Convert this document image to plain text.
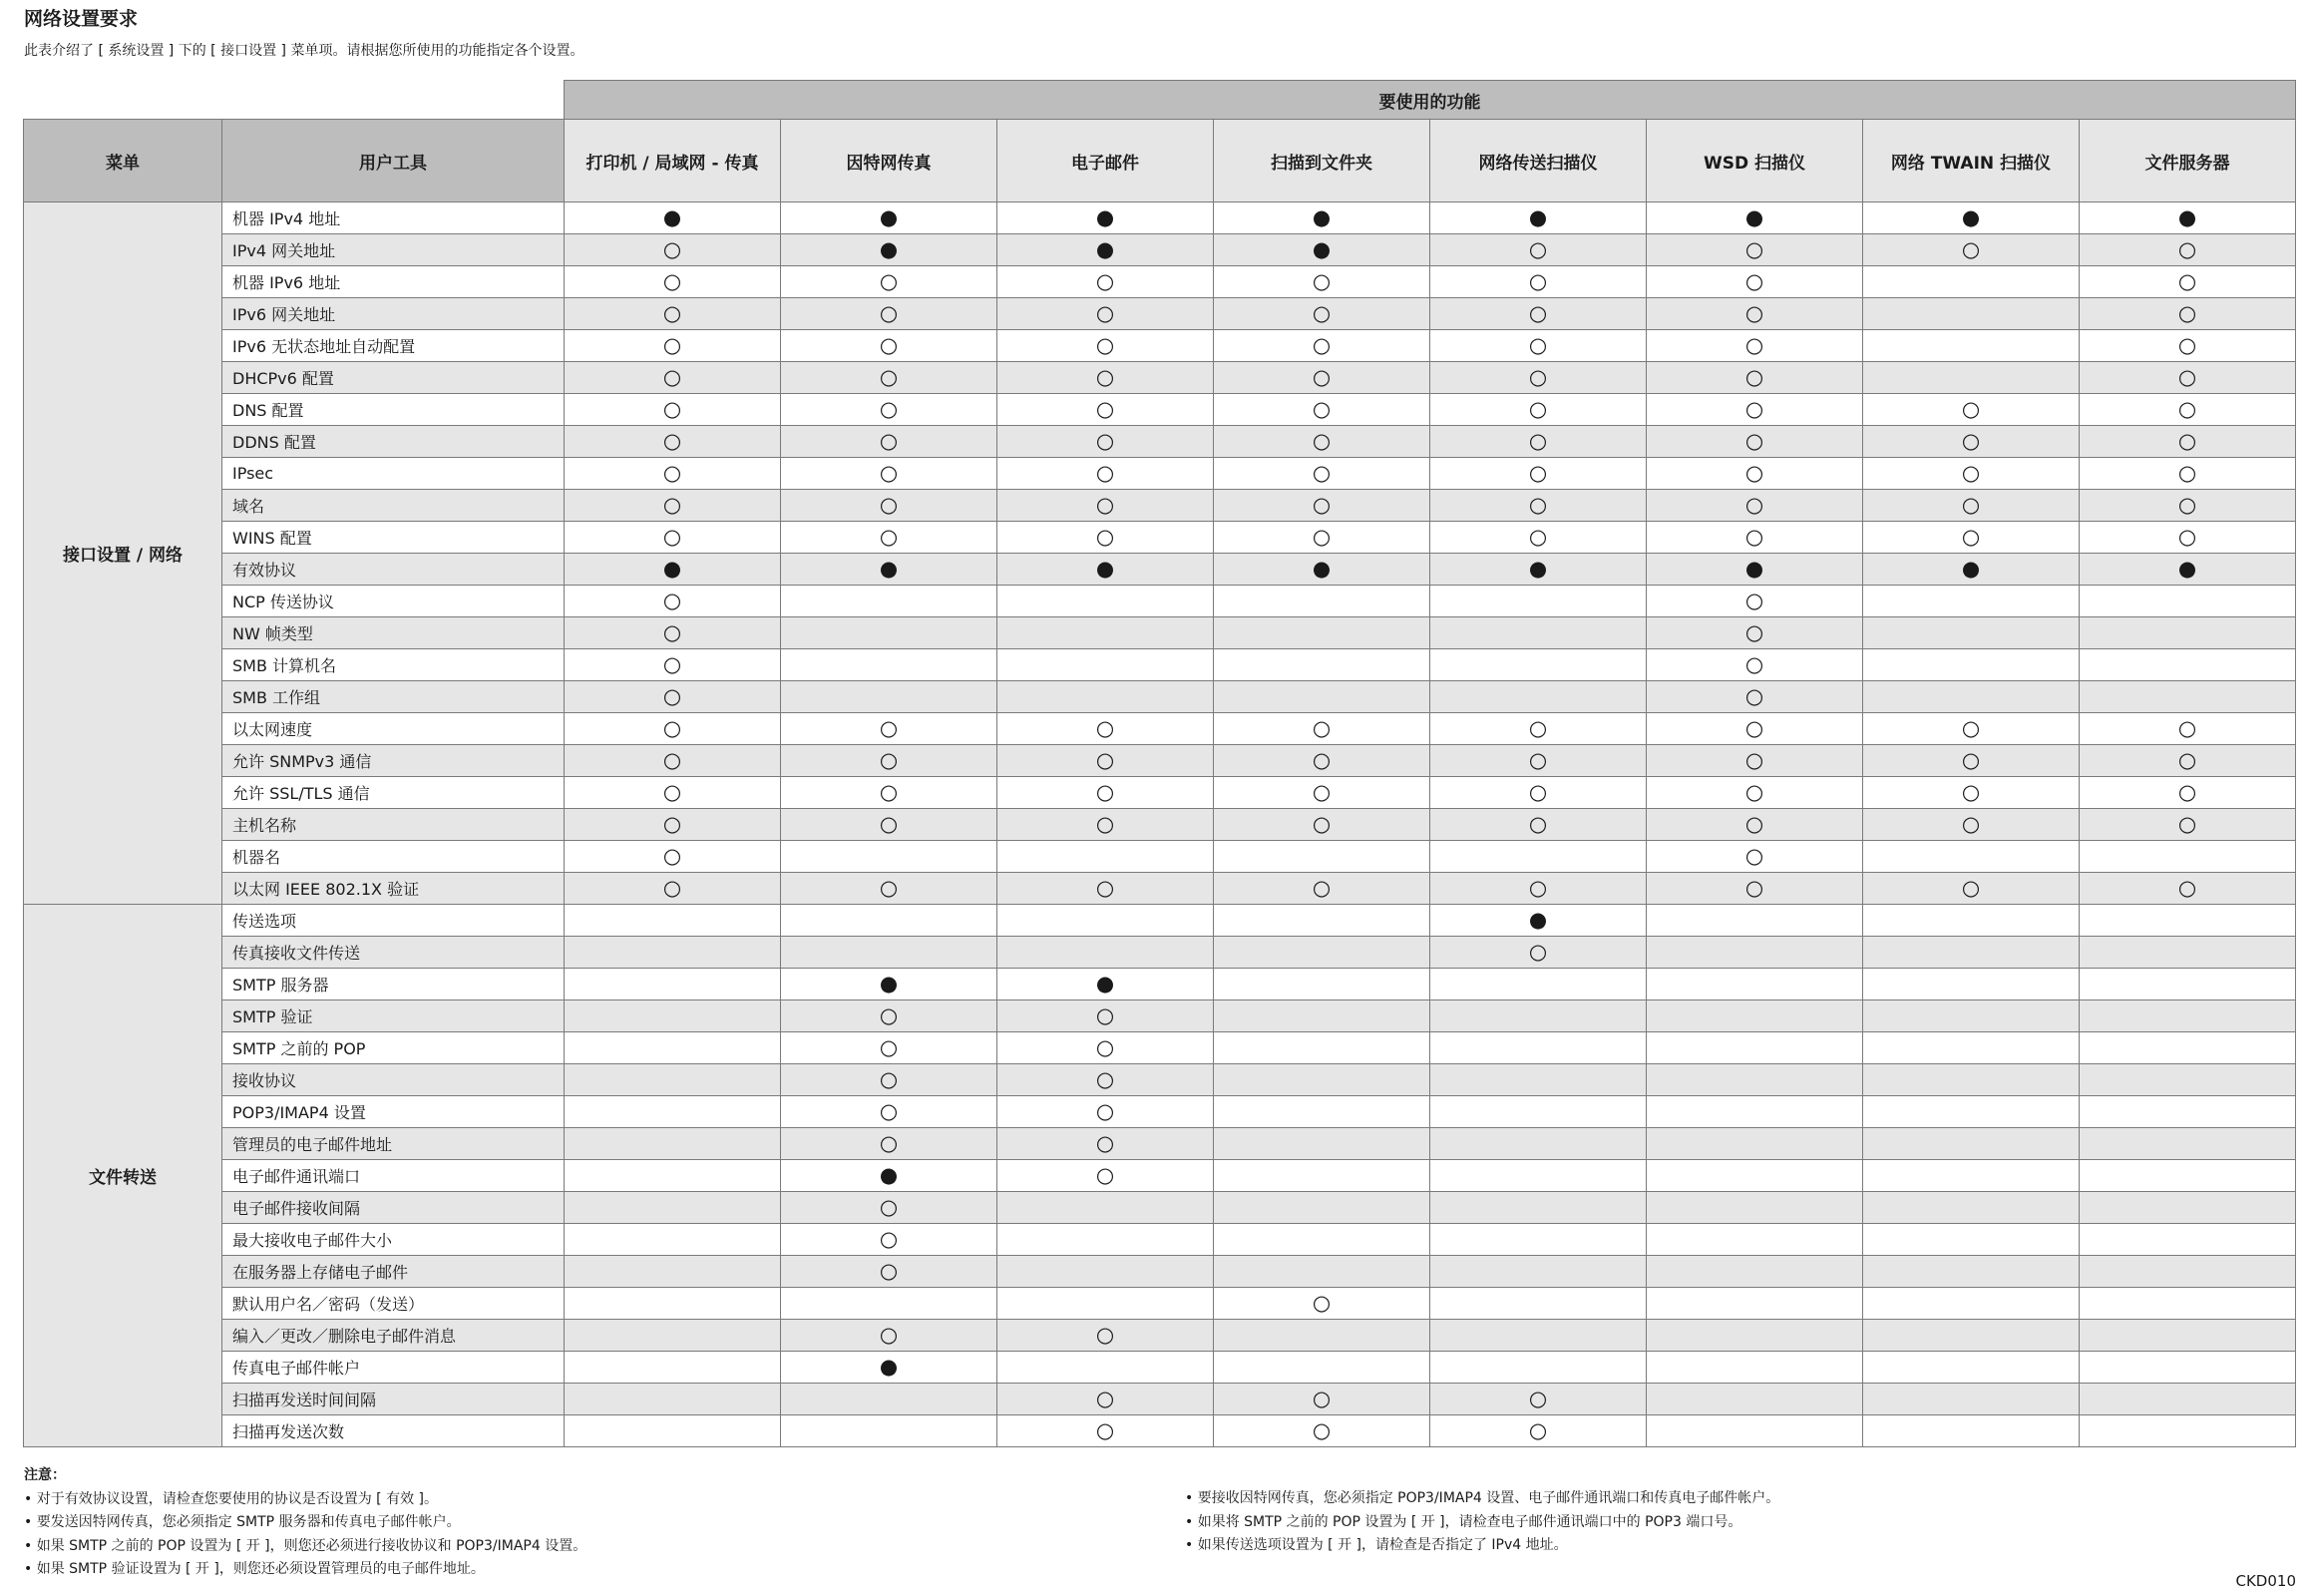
网络设置要求
此表介绍了 [ 系统设置 ] 下的 [ 接口设置 ] 菜单项。请根据您所使用的功能指定各个设置。
		要使用的功能							
		打印机 / 局域网 - 传真	因特网传真	电子邮件	扫描到文件夹	网络传送扫描仪	WSD 扫描仪	网络 TWAIN 扫描仪	文件服务器
菜单	用户工具								
接口设置 / 网络	机器 IPv4 地址	●	●	●	●	●	●	●	●
	IPv4 网关地址	○	●	●	●	○	○	○	○
	机器 IPv6 地址	○	○	○	○	○	○		○
	IPv6 网关地址	○	○	○	○	○	○		○
	IPv6 无状态地址自动配置	○	○	○	○	○	○		○
	DHCPv6 配置	○	○	○	○	○	○		○
	DNS 配置	○	○	○	○	○	○	○	○
	DDNS 配置	○	○	○	○	○	○	○	○
	IPsec	○	○	○	○	○	○	○	○
	域名	○	○	○	○	○	○	○	○
	WINS 配置	○	○	○	○	○	○	○	○
	有效协议	●	●	●	●	●	●	●	●
	NCP 传送协议	○					○		
	NW 帧类型	○					○		
	SMB 计算机名	○					○		
	SMB 工作组	○					○		
	以太网速度	○	○	○	○	○	○	○	○
	允许 SNMPv3 通信	○	○	○	○	○	○	○	○
	允许 SSL/TLS 通信	○	○	○	○	○	○	○	○
	主机名称	○	○	○	○	○	○	○	○
	机器名	○					○		
	以太网 IEEE 802.1X 验证	○	○	○	○	○	○	○	○
文件转送	传送选项					●			
	传真接收文件传送					○			
	SMTP 服务器		●	●					
	SMTP 验证		○	○					
	SMTP 之前的 POP		○	○					
	接收协议		○	○					
	POP3/IMAP4 设置		○	○					
	管理员的电子邮件地址		○	○					
	电子邮件通讯端口		●	○					
	电子邮件接收间隔		○						
	最大接收电子邮件大小		○						
	在服务器上存储电子邮件		○						
	默认用户名／密码（发送）				○				
	编入／更改／删除电子邮件消息		○	○					
	传真电子邮件帐户		●						
	扫描再发送时间间隔			○	○	○			
	扫描再发送次数			○	○	○			
注意：
• 对于有效协议设置，请检查您要使用的协议是否设置为 [ 有效 ]。
• 要发送因特网传真，您必须指定 SMTP 服务器和传真电子邮件帐户。
• 如果 SMTP 之前的 POP 设置为 [ 开 ]，则您还必须进行接收协议和 POP3/IMAP4 设置。
• 如果 SMTP 验证设置为 [ 开 ]，则您还必须设置管理员的电子邮件地址。
• 要接收因特网传真，您必须指定 POP3/IMAP4 设置、电子邮件通讯端口和传真电子邮件帐户。
• 如果将 SMTP 之前的 POP 设置为 [ 开 ]，请检查电子邮件通讯端口中的 POP3 端口号。
• 如果传送选项设置为 [ 开 ]，请检查是否指定了 IPv4 地址。
CKD010
